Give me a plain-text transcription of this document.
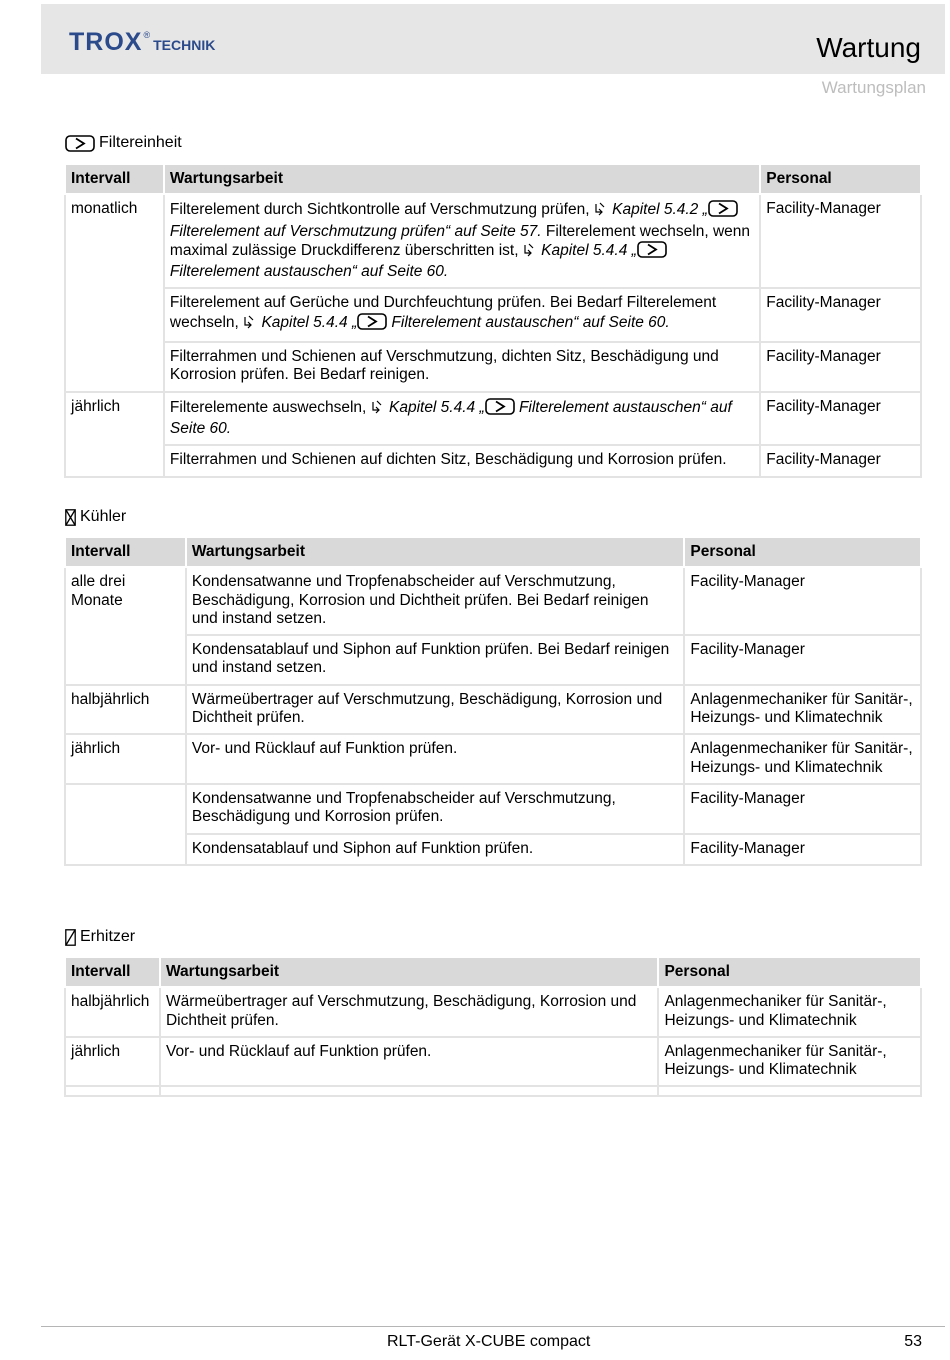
TROX ®
TECHNIK	Wartung
Wartungsplan
Filtereinheit
Intervall	Wartungsarbeit	Personal
monatlich	Filterelement durch Sichtkontrolle auf Verschmutzung prüfen,  Kapitel 5.4.2 „ Filterelement auf Verschmutzung prüfen“ auf Seite 57. Filterelement wechseln, wenn maximal zulässige Druckdifferenz überschritten ist,  Kapitel 5.4.4 „ Filterelement austauschen“ auf Seite 60.	Facility-Manager
	Filterelement auf Gerüche und Durchfeuchtung prüfen. Bei Bedarf Filterelement wechseln,  Kapitel 5.4.4 „ Filterelement austauschen“ auf Seite 60.	Facility-Manager
	Filterrahmen und Schienen auf Verschmutzung, dichten Sitz, Beschädigung und Korrosion prüfen. Bei Bedarf reinigen.	Facility-Manager
jährlich	Filterelemente auswechseln,  Kapitel 5.4.4 „ Filterelement austauschen“ auf Seite 60.	Facility-Manager
	Filterrahmen und Schienen auf dichten Sitz, Beschädigung und Korrosion prüfen.	Facility-Manager
Kühler
Intervall	Wartungsarbeit	Personal
alle drei Monate	Kondensatwanne und Tropfenabscheider auf Verschmutzung, Beschädigung, Korrosion und Dichtheit prüfen. Bei Bedarf reinigen und instand setzen.	Facility-Manager
	Kondensatablauf und Siphon auf Funktion prüfen. Bei Bedarf reinigen und instand setzen.	Facility-Manager
halbjährlich	Wärmeübertrager auf Verschmutzung, Beschädigung, Korrosion und Dichtheit prüfen.	Anlagenmechaniker für Sanitär-, Heizungs- und Klimatechnik
jährlich	Vor- und Rücklauf auf Funktion prüfen.	Anlagenmechaniker für Sanitär-, Heizungs- und Klimatechnik
	Kondensatwanne und Tropfenabscheider auf Verschmutzung, Beschädigung und Korrosion prüfen.	Facility-Manager
	Kondensatablauf und Siphon auf Funktion prüfen.	Facility-Manager
Erhitzer
Intervall	Wartungsarbeit	Personal
halbjährlich	Wärmeübertrager auf Verschmutzung, Beschädigung, Korrosion und Dichtheit prüfen.	Anlagenmechaniker für Sanitär-, Heizungs- und Klimatechnik
jährlich	Vor- und Rücklauf auf Funktion prüfen.	Anlagenmechaniker für Sanitär-, Heizungs- und Klimatechnik

RLT-Gerät X-CUBE compact	53
